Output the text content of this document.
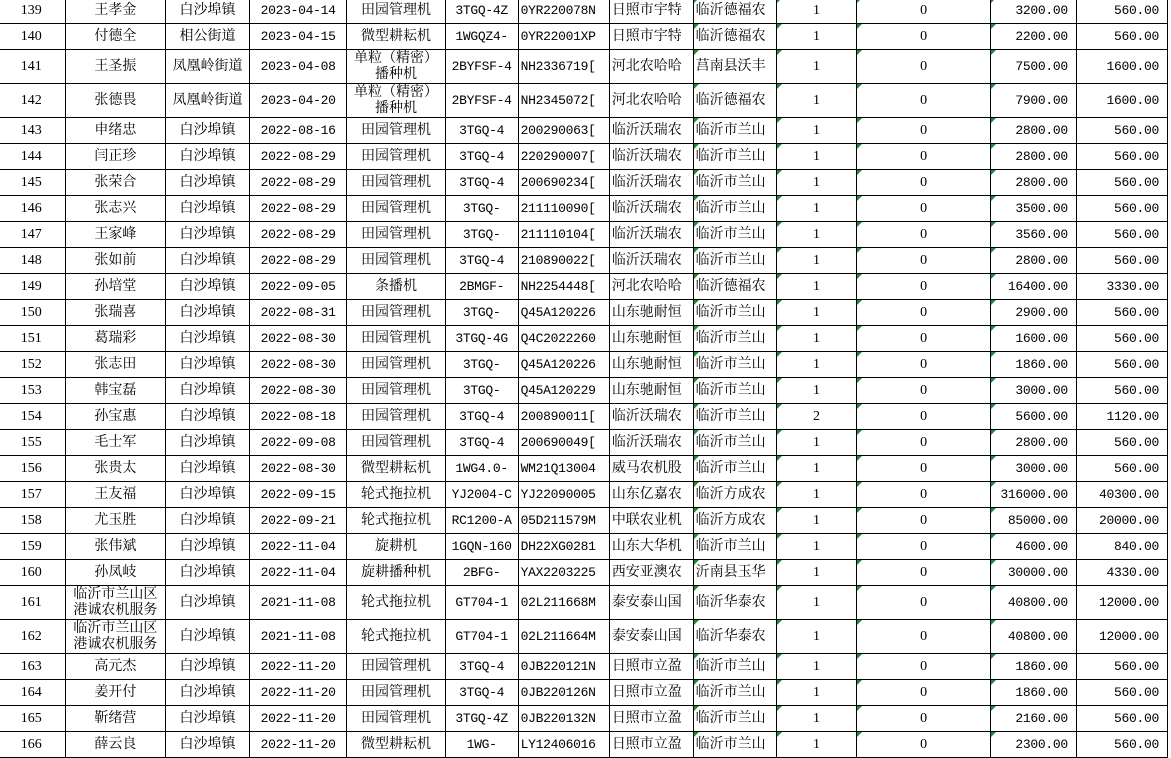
139	王孝金	白沙埠镇	2023-04-14	田园管理机	3TGQ-4Z	0YR220078N	日照市宇特	临沂德福农	1	0	3200.00	560.00
140	付德全	相公街道	2023-04-15	微型耕耘机	1WGQZ4-	0YR22001XP	日照市宇特	临沂德福农	1	0	2200.00	560.00
141	王圣振	凤凰岭街道	2023-04-08	单粒（精密）播种机	2BYFSF-4	NH2336719[	河北农哈哈	莒南县沃丰	1	0	7500.00	1600.00
142	张德畏	凤凰岭街道	2023-04-20	单粒（精密）播种机	2BYFSF-4	NH2345072[	河北农哈哈	临沂德福农	1	0	7900.00	1600.00
143	申绪忠	白沙埠镇	2022-08-16	田园管理机	3TGQ-4	200290063[	临沂沃瑞农	临沂市兰山	1	0	2800.00	560.00
144	闫正珍	白沙埠镇	2022-08-29	田园管理机	3TGQ-4	220290007[	临沂沃瑞农	临沂市兰山	1	0	2800.00	560.00
145	张荣合	白沙埠镇	2022-08-29	田园管理机	3TGQ-4	200690234[	临沂沃瑞农	临沂市兰山	1	0	2800.00	560.00
146	张志兴	白沙埠镇	2022-08-29	田园管理机	3TGQ-	211110090[	临沂沃瑞农	临沂市兰山	1	0	3500.00	560.00
147	王家峰	白沙埠镇	2022-08-29	田园管理机	3TGQ-	211110104[	临沂沃瑞农	临沂市兰山	1	0	3560.00	560.00
148	张如前	白沙埠镇	2022-08-29	田园管理机	3TGQ-4	210890022[	临沂沃瑞农	临沂市兰山	1	0	2800.00	560.00
149	孙培堂	白沙埠镇	2022-09-05	条播机	2BMGF-	NH2254448[	河北农哈哈	临沂德福农	1	0	16400.00	3330.00
150	张瑞喜	白沙埠镇	2022-08-31	田园管理机	3TGQ-	Q45A120226	山东驰耐恒	临沂市兰山	1	0	2900.00	560.00
151	葛瑞彩	白沙埠镇	2022-08-30	田园管理机	3TGQ-4G	Q4C2022260	山东驰耐恒	临沂市兰山	1	0	1600.00	560.00
152	张志田	白沙埠镇	2022-08-30	田园管理机	3TGQ-	Q45A120226	山东驰耐恒	临沂市兰山	1	0	1860.00	560.00
153	韩宝磊	白沙埠镇	2022-08-30	田园管理机	3TGQ-	Q45A120229	山东驰耐恒	临沂市兰山	1	0	3000.00	560.00
154	孙宝惠	白沙埠镇	2022-08-18	田园管理机	3TGQ-4	200890011[	临沂沃瑞农	临沂市兰山	2	0	5600.00	1120.00
155	毛士军	白沙埠镇	2022-09-08	田园管理机	3TGQ-4	200690049[	临沂沃瑞农	临沂市兰山	1	0	2800.00	560.00
156	张贵太	白沙埠镇	2022-08-30	微型耕耘机	1WG4.0-	WM21Q13004	威马农机股	临沂市兰山	1	0	3000.00	560.00
157	王友福	白沙埠镇	2022-09-15	轮式拖拉机	YJ2004-C	YJ22090005	山东亿嘉农	临沂方成农	1	0	316000.00	40300.00
158	尤玉胜	白沙埠镇	2022-09-21	轮式拖拉机	RC1200-A	05D211579M	中联农业机	临沂方成农	1	0	85000.00	20000.00
159	张伟斌	白沙埠镇	2022-11-04	旋耕机	1GQN-160	DH22XG0281	山东大华机	临沂市兰山	1	0	4600.00	840.00
160	孙凤岐	白沙埠镇	2022-11-04	旋耕播种机	2BFG-	YAX2203225	西安亚澳农	沂南县玉华	1	0	30000.00	4330.00
161	临沂市兰山区港诚农机服务	白沙埠镇	2021-11-08	轮式拖拉机	GT704-1	02L211668M	泰安泰山国	临沂华泰农	1	0	40800.00	12000.00
162	临沂市兰山区港诚农机服务	白沙埠镇	2021-11-08	轮式拖拉机	GT704-1	02L211664M	泰安泰山国	临沂华泰农	1	0	40800.00	12000.00
163	高元杰	白沙埠镇	2022-11-20	田园管理机	3TGQ-4	0JB220121N	日照市立盈	临沂市兰山	1	0	1860.00	560.00
164	姜开付	白沙埠镇	2022-11-20	田园管理机	3TGQ-4	0JB220126N	日照市立盈	临沂市兰山	1	0	1860.00	560.00
165	靳绪营	白沙埠镇	2022-11-20	田园管理机	3TGQ-4Z	0JB220132N	日照市立盈	临沂市兰山	1	0	2160.00	560.00
166	薛云良	白沙埠镇	2022-11-20	微型耕耘机	1WG-	LY12406016	日照市立盈	临沂市兰山	1	0	2300.00	560.00
